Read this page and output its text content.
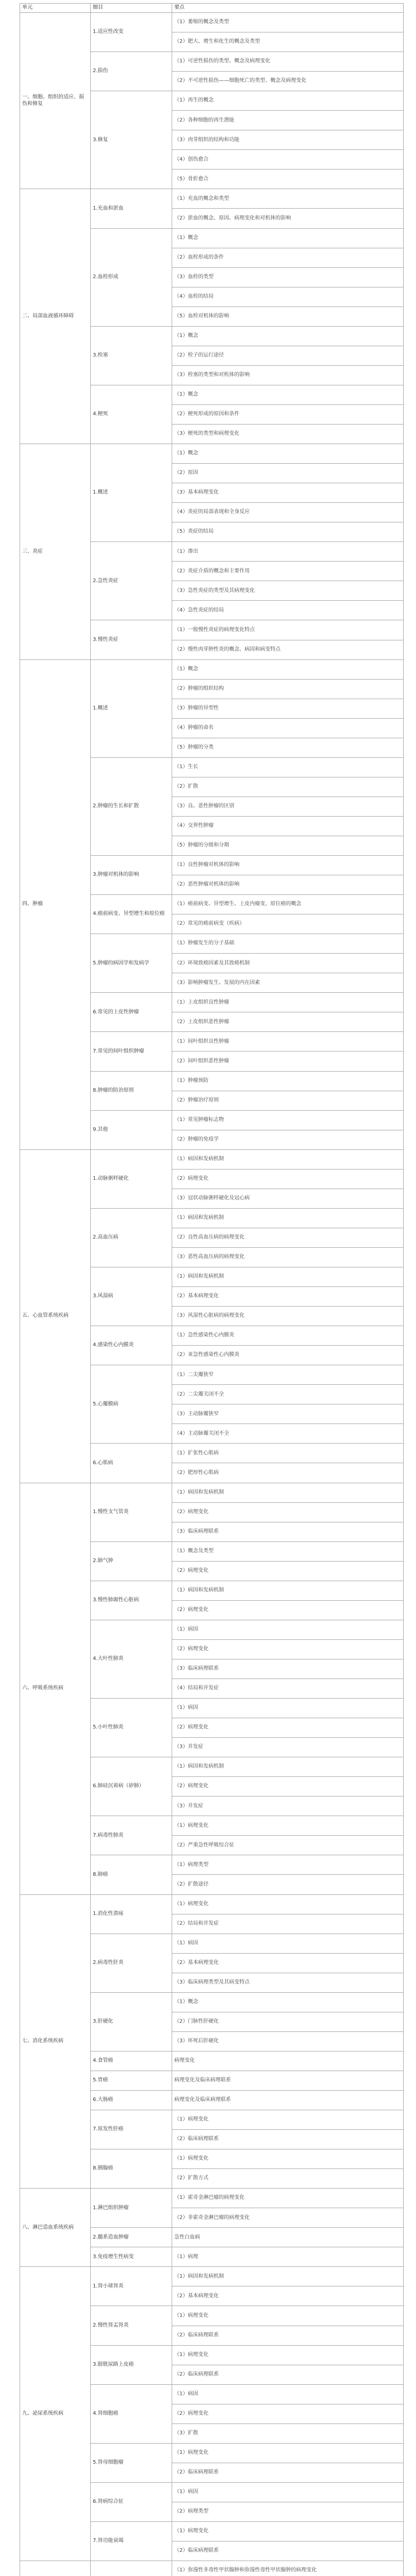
单元	细目	要点
一、细胞、组织的适应、损伤和修复	1.适应性改变	（1）萎缩的概念及类型
		（2）肥大、增生和化生的概念及类型
	2.损伤	（1）可逆性损伤的类型、概念及病理变化
		（2）不可逆性损伤——细胞死亡的类型、概念及病理变化
	3.修复	（1）再生的概念
		（2）各种细胞的再生潜能
		（3）肉芽组织的结构和功能
		（4）创伤愈合
		（5）骨折愈合
二、局部血液循环障碍	1.充血和淤血	（1）充血的概念和类型
		（2）淤血的概念、原因、病理变化和对机体的影响
	2.血栓形成	（1）概念
		（2）血栓形成的条件
		（3）血栓的类型
		（4）血栓的结局
		（5）血栓对机体的影响
	3.栓塞	（1）概念
		（2）栓子的运行途径
		（3）栓塞的类型和对机体的影响
	4.梗死	（1）概念
		（2）梗死形成的原因和条件
		（3）梗死的类型和病理变化
三、炎症	1.概述	（1）概念
		（2）原因
		（3）基本病理变化
		（4）炎症的局部表现和全身反应
		（5）炎症的结局
	2.急性炎症	（1）渗出
		（2）炎症介质的概念和主要作用
		（3）急性炎症的类型及其病理变化
		（4）急性炎症的结局
	3.慢性炎症	（1）一般慢性炎症的病理变化特点
		（2）慢性肉芽肿性炎的概念、病因和病变特点
四、肿瘤	1.概述	（1）概念
		（2）肿瘤的组织结构
		（3）肿瘤的异型性
		（4）肿瘤的命名
		（5）肿瘤的分类
	2.肿瘤的生长和扩散	（1）生长
		（2）扩散
		（3）良、恶性肿瘤的区别
		（4）交界性肿瘤
		（5）肿瘤的分级和分期
	3.肿瘤对机体的影响	（1）良性肿瘤对机体的影响
		（2）恶性肿瘤对机体的影响
	4.癌前病变、异型增生和原位癌	（1）癌前病变、异型增生、上皮内瘤变、原位癌的概念
		（2）常见的癌前病变（疾病）
	5.肿瘤的病因学和发病学	（1）肿瘤发生的分子基础
		（2）环境致癌因素及其致癌机制
		（3）影响肿瘤发生、发展的内在因素
	6.常见的上皮性肿瘤	（1）上皮组织良性肿瘤
		（2）上皮组织恶性肿瘤
	7.常见的间叶组织肿瘤	（1）间叶组织良性肿瘤
		（2）间叶组织恶性肿瘤
	8.肿瘤的防治原则	（1）肿瘤预防
		（2）肿瘤治疗原则
	9.其他	（1）常见肿瘤标志物
		（2）肿瘤的免疫学
五、心血管系统疾病	1.动脉粥样硬化	（1）病因和发病机制
		（2）病理变化
		（3）冠状动脉粥样硬化及冠心病
	2.高血压病	（1）病因和发病机制
		（2）良性高血压病的病理变化
		（3）恶性高血压病的病理变化
	3.风湿病	（1）病因和发病机制
		（2）基本病理变化
		（3）风湿性心脏病的病理变化
	4.感染性心内膜炎	（1）急性感染性心内膜炎
		（2）亚急性感染性心内膜炎
	5.心瓣膜病	（1）二尖瓣狭窄
		（2）二尖瓣关闭不全
		（3）主动脉瓣狭窄
		（4）主动脉瓣关闭不全
	6.心肌病	（1）扩张性心肌病
		（2）肥厚性心肌病
六、呼吸系统疾病	1.慢性支气管炎	（1）病因和发病机制
		（2）病理变化
		（3）临床病理联系
	2.肺气肿	（1）概念及类型
		（2）病理变化
	3.慢性肺源性心脏病	（1）病因和发病机制
		（2）病理变化
	4.大叶性肺炎	（1）病因
		（2）病理变化
		（3）临床病理联系
		（4）结局和并发症
	5.小叶性肺炎	（1）病因
		（2）病理变化
		（3）并发症
	6.肺硅沉着病（矽肺）	（1）病因和发病机制
		（2）病理变化
		（3）并发症
	7.病毒性肺炎	（1）病理变化
		（2）严重急性呼吸综合征
	8.肺癌	（1）病理类型
		（2）扩散途径
七、消化系统疾病	1.消化性溃疡	（1）病理变化
		（2）结局和并发症
	2.病毒性肝炎	（1）病因
		（2）基本病理变化
		（3）临床病理类型及其病变特点
	3.肝硬化	（1）概念
		（2）门脉性肝硬化
		（3）坏死后肝硬化
	4.食管癌	病理变化
	5.胃癌	病理变化及临床病理联系
	6.大肠癌	病理变化及临床病理联系
	7.原发性肝癌	（1）病理变化
		（2）临床病理联系
	8.胰腺癌	（1）病理变化
		（2）扩散方式
八、淋巴造血系统疾病	1.淋巴组织肿瘤	（1）霍奇金淋巴瘤的病理变化
		（2）非霍奇金淋巴瘤的病理变化
	2.髓系造血肿瘤	急性白血病
	3.免疫增生性病变	（1）病理
九、泌尿系统疾病	1.肾小球肾炎	（1）病因和发病机制
		（2）基本病理变化
	2.慢性肾盂肾炎	（1）病理变化
		（2）临床病理联系
	3.膀胱尿路上皮癌	（1）病理变化
		（2）临床病理联系
	4.肾细胞癌	（1）病因
		（2）病理变化
		（3）扩散
	5.肾母细胞瘤	（1）病理变化
		（2）临床病理联系
	6.肾病综合征	（1）病因
		（2）病理类型
	7.肾功能衰竭	（1）病理变化
		（2）临床病理联系
		（1）弥漫性非毒性甲状腺肿和弥漫性毒性甲状腺肿的病理变化
